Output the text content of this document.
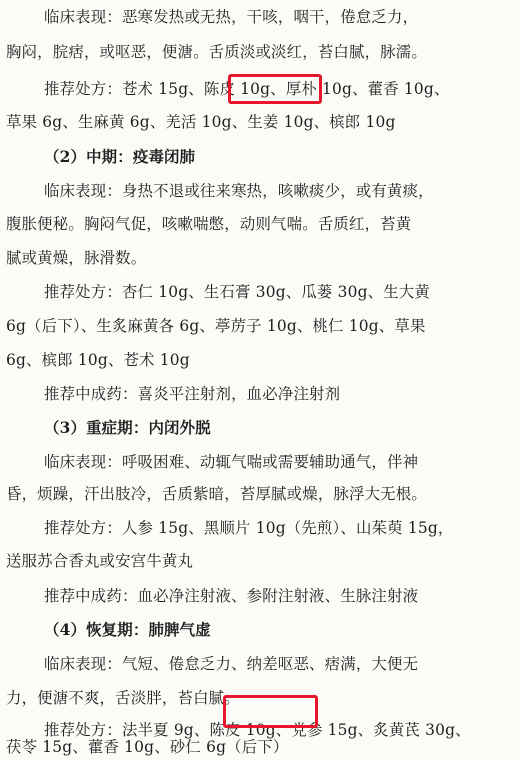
临床表现：恶寒发热或无热，干咳，咽干，倦怠乏力，
胸闷，脘痞，或呕恶，便溏。舌质淡或淡红，苔白腻，脉濡。
推荐处方：苍术 15g、陈皮 10g、厚朴 10g、藿香 10g、
草果 6g、生麻黄 6g、羌活 10g、生姜 10g、槟郎 10g
（2）中期：疫毒闭肺
临床表现：身热不退或往来寒热，咳嗽痰少，或有黄痰，
腹胀便秘。胸闷气促，咳嗽喘憋，动则气喘。舌质红，苔黄
腻或黄燥，脉滑数。
推荐处方：杏仁 10g、生石膏 30g、瓜蒌 30g、生大黄
6g（后下）、生炙麻黄各 6g、葶苈子 10g、桃仁 10g、草果
6g、槟郎 10g、苍术 10g
推荐中成药：喜炎平注射剂，血必净注射剂
（3）重症期：内闭外脱
临床表现：呼吸困难、动辄气喘或需要辅助通气，伴神
昏，烦躁，汗出肢冷，舌质紫暗，苔厚腻或燥，脉浮大无根。
推荐处方：人参 15g、黑顺片 10g（先煎）、山茱萸 15g，
送服苏合香丸或安宫牛黄丸
推荐中成药：血必净注射液、参附注射液、生脉注射液
（4）恢复期：肺脾气虚
临床表现：气短、倦怠乏力、纳差呕恶、痞满，大便无
力，便溏不爽，舌淡胖，苔白腻。
推荐处方：法半夏 9g、陈皮 10g、党参 15g、炙黄芪 30g、
茯苓 15g、藿香 10g、砂仁 6g（后下）
